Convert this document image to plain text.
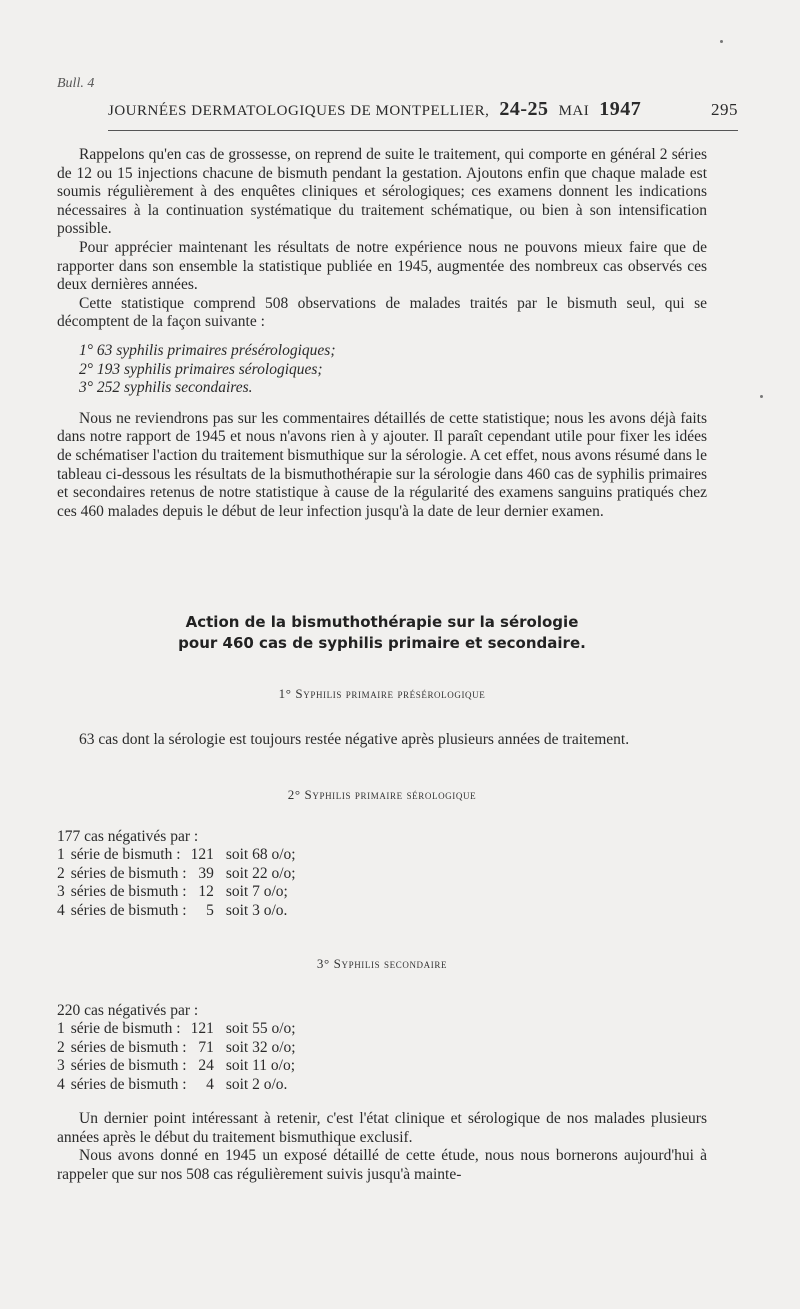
Bull. 4
JOURNÉES DERMATOLOGIQUES DE MONTPELLIER, 24-25 MAI 1947	295

Rappelons qu'en cas de grossesse, on reprend de suite le traitement, qui comporte en général 2 séries de 12 ou 15 injections chacune de bismuth pendant la gestation. Ajoutons enfin que chaque malade est soumis régulièrement à des enquêtes cliniques et sérologiques; ces examens donnent les indications nécessaires à la continuation systématique du traitement schématique, ou bien à son intensification possible.

Pour apprécier maintenant les résultats de notre expérience nous ne pouvons mieux faire que de rapporter dans son ensemble la statistique publiée en 1945, augmentée des nombreux cas observés ces deux dernières années.

Cette statistique comprend 508 observations de malades traités par le bismuth seul, qui se décomptent de la façon suivante :

1° 63 syphilis primaires présérologiques;
2° 193 syphilis primaires sérologiques;
3° 252 syphilis secondaires.

Nous ne reviendrons pas sur les commentaires détaillés de cette statistique; nous les avons déjà faits dans notre rapport de 1945 et nous n'avons rien à y ajouter. Il paraît cependant utile pour fixer les idées de schématiser l'action du traitement bismuthique sur la sérologie. A cet effet, nous avons résumé dans le tableau ci-dessous les résultats de la bismuthothérapie sur la sérologie dans 460 cas de syphilis primaires et secondaires retenus de notre statistique à cause de la régularité des examens sanguins pratiqués chez ces 460 malades depuis le début de leur infection jusqu'à la date de leur dernier examen.

Action de la bismuthothérapie sur la sérologie
pour 460 cas de syphilis primaire et secondaire.
1° Syphilis primaire présérologique

63 cas dont la sérologie est toujours restée négative après plusieurs années de traitement.

2° Syphilis primaire sérologique
177 cas négativés par :
1	série de bismuth :	121	soit 68 o/o;
2	séries de bismuth :	39	soit 22 o/o;
3	séries de bismuth :	12	soit 7 o/o;
4	séries de bismuth :	5	soit 3 o/o.
3° Syphilis secondaire
220 cas négativés par :
1	série de bismuth :	121	soit 55 o/o;
2	séries de bismuth :	71	soit 32 o/o;
3	séries de bismuth :	24	soit 11 o/o;
4	séries de bismuth :	4	soit 2 o/o.

Un dernier point intéressant à retenir, c'est l'état clinique et sérologique de nos malades plusieurs années après le début du traitement bismuthique exclusif.

Nous avons donné en 1945 un exposé détaillé de cette étude, nous nous bornerons aujourd'hui à rappeler que sur nos 508 cas régulièrement suivis jusqu'à mainte-
